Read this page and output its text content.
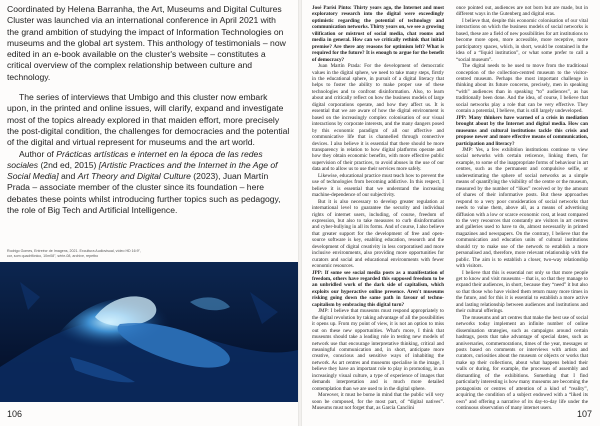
Coordinated by Helena Barranha, the Art, Museums and Digital Cultures Cluster was launched via an international conference in April 2021 with the grand ambition of studying the impact of Information Technologies on museums and the global art system. This anthology of testimonials – now edited in an e-book available on the cluster's website – constitutes a critical overview of the complex relationship between culture and technology.

The series of interviews that Umbigo and this cluster now embark upon, in the printed and online issues, will clarify, expand and investigate most of the topics already explored in that maiden effort, more precisely the post-digital condition, the challenges for democracies and the potential of the digital and virtual represent for museums and the art world.

Author of Prácticas artísticas e internet en la época de las redes sociales (2nd ed, 2015) [Artistic Practices and the Internet in the Age of Social Media] and Art Theory and Digital Culture (2023), Juan Martín Prada – associate member of the cluster since its foundation – here debates these points whilst introducing further topics such as pedagogy, the role of Big Tech and Artificial Intelligence.

Rodrigo Gomes, Entreécr de Imagens, 2021. Excultura Audiovisual, vídeo HD 16:9", cor, som quadrifónico, 10m08", série-08, archive, repetbo
106

José Parísi Pinto: Thirty years ago, the Internet and most exploratory research into the digital were exceedingly optimistic regarding the potential of technology and communication networks. Thirty years on, we see a growing vilification or mistrust of social media, chat rooms and media in general. How can we critically rethink that initial premise? Are there any reasons for optimism left? What is required for the future? It is enough to argue for the benefit of democracy?

Juan Martín Prada: For the development of democratic values in the digital sphere, we need to take many steps, firstly in the educational sphere, in pursuit of a digital literacy that helps to foster the ability to make proper use of these technologies and to confront disinformation. Also, to learn about and critically reflect on how the business models of large digital corporations operate, and how they affect us. It is essential that we are aware of how the digital environment is based on the increasingly complex colonisation of our visual interactions by corporate interests, and the many dangers posed by this economic paradigm of all our affective and communicative life that is channelled through connective devices. I also believe it is essential that there should be more transparency in relation to how digital platforms operate and how they obtain economic benefits, with more effective public supervision of their practices, to avoid abuses in the use of our data and to allow us to use their services more safely.

Likewise, educational practice must teach how to prevent the use of technologies from becoming addictive. In this respect, I believe it is essential that we understand the increasing machine-dependence of our subjectivity.

But it is also necessary to develop greater regulation at international level to guarantee the security and individual rights of internet users, including, of course, freedom of expression, but also to take measures to curb disinformation and cyber-bullying in all its forms. And of course, I also believe that greater support for the development of free and open-source software is key, enabling education, research and the development of digital creativity in less corporatised and more inclusive environments, also providing more opportunities for curators and social and educational environments with fewer economic resources.

JPP: If some see social media posts as a manifestation of freedom, others have regarded this supposed freedom to be an unbridled work of the dark side of capitalism, which exploits our hyperactive online presence. Aren't museums risking going down the same path in favour of techno-capitalism by embracing this digital turn?

JMP: I believe that museums must respond appropriately to the digital revolution by taking advantage of all the possibilities it opens up. From my point of view, it is not an option to miss out on these new opportunities. What's more, I think that museums should take a leading role in testing new models of network use that encourage interpretative thinking, critical and meaningful communication and, in short, anticipate more creative, conscious and sensitive ways of inhabiting the network. As art centres and museums specialise in the image, I believe they have an important role to play in promoting, in an increasingly visual culture, a type of experience of images that demands interpretation and is much more detailed contemplation than we are used to in the digital sphere.

Moreover, it must be borne in mind that the public will very soon be composed, for the most part, of “digital natives”. Museums must not forget that, as García Canclini

once pointed out, audiences are not born but are made, but in different ways in the Gutenberg and digital eras.

I believe that, despite this economic colonisation of our vital interactions on which the business models of social networks is based, these are a field of new possibilities for art institutions to become more open, more accessible, more receptive, more participatory spaces, which, in short, would be contained in the idea of a “liquid institution”, or what some prefer to call a “social museum”.

The digital needs to be used to move from the traditional conception of the collection-centred museum to the visitor-centred museum. Perhaps the most important challenge in thinking about its future concerns, precisely, men in speaking “with” audiences than in speaking “to” audiences”, as has traditionally been done. And the idea, of course, I believe that social networks play a role that can be very effective. They contain a potential, I believe, that is still largely undeveloped.

JPP: Many thinkers have warned of a crisis in mediation brought about by the Internet and digital media. How can museums and cultural institutions tackle this crisis and propose newer and more effective means of communication, participation and literacy?

JMP: Yes, a few exhibition institutions continue to view social networks with certain reticence, linking them, for example, to some of the inappropriate forms of behaviour in art centres, such as the permanent and compulsive selfie, or underestimating the sphere of social networks as a simple means of quantifying the visibility of the centre or the museum, measured by the number of “likes” received or by the amount of shares of their informative posts. But these approaches respond to a very poor consideration of social networks that needs to value them, above all, as a means of advertising diffusion with a low or scarce economic cost, at least compared to the very resources that constantly are visitors in art centres and galleries used to have to do, almost necessarily in printed magazines and newspapers. On the contrary, I believe that the communication and education units of cultural institutions should try to make use of the network to establish a more personalised and, therefore, more relevant relationship with the public. The aim is to establish a closer, two-way relationship with visitors.

I believe that this is essential not only so that more people get to know and visit museums – that is, so that they manage to expand their audiences, in short, because they “need” it but also so that those who have visited them return many more times in the future, and for this it is essential to establish a more active and lasting relationship between audiences and institutions and their cultural offerings.

The museums and art centres that make the best use of social networks today implement an infinite number of online dissemination strategies, such as campaigns around certain hashtags, posts that take advantage of special dates, such as anniversaries, commemorations, times of the year, messages or posts based on comments or interviews with artists and curators, curiosities about the museum or objects or works that make up their collections, about what happens behind their walls or during, for example, the processes of assembly and dismantling of the exhibitions. Something that I find particularly interesting is how many museums are becoming the protagonists or centres of attention of a kind of “reality”, acquiring the condition of a subject endowed with a “liked its own” and offering a narrative of its day-to-day life under the continuous observation of many internet users.

107
